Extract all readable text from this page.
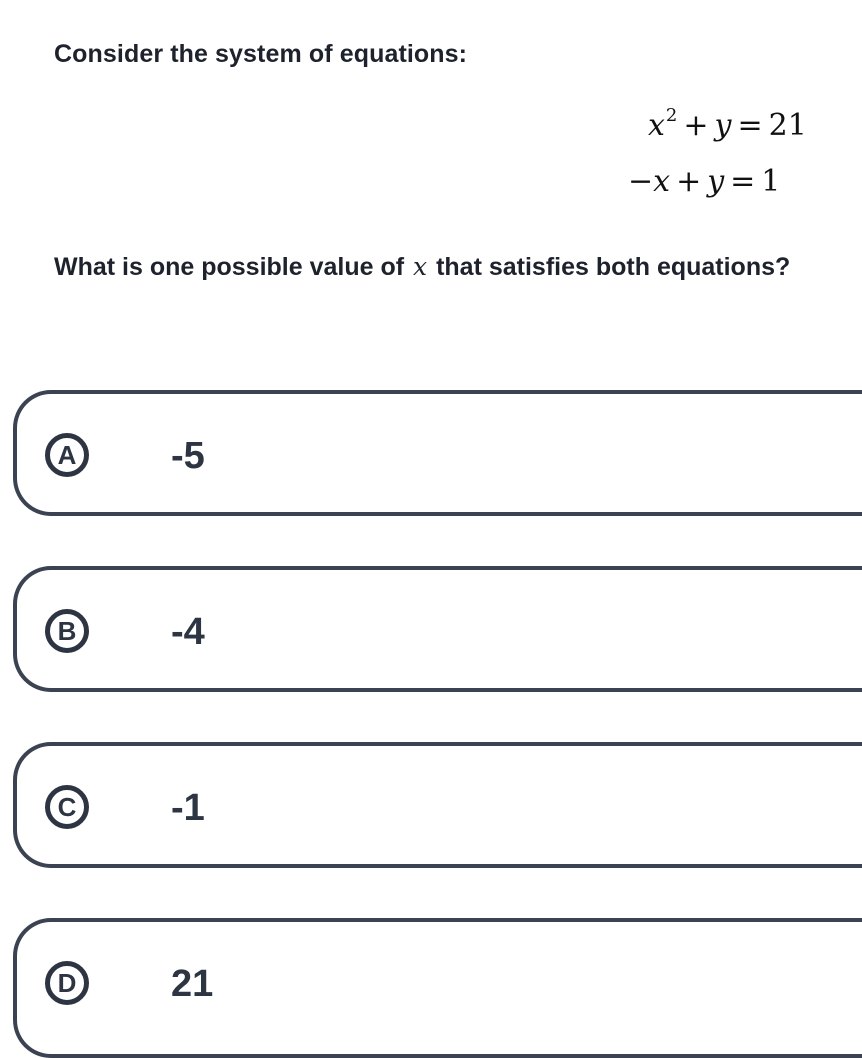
Consider the system of equations:
$x^2 + y = 21$
−x + y = 1
What is one possible value of x that satisfies both equations?
A	-5
B	-4
C	-1
D	21
